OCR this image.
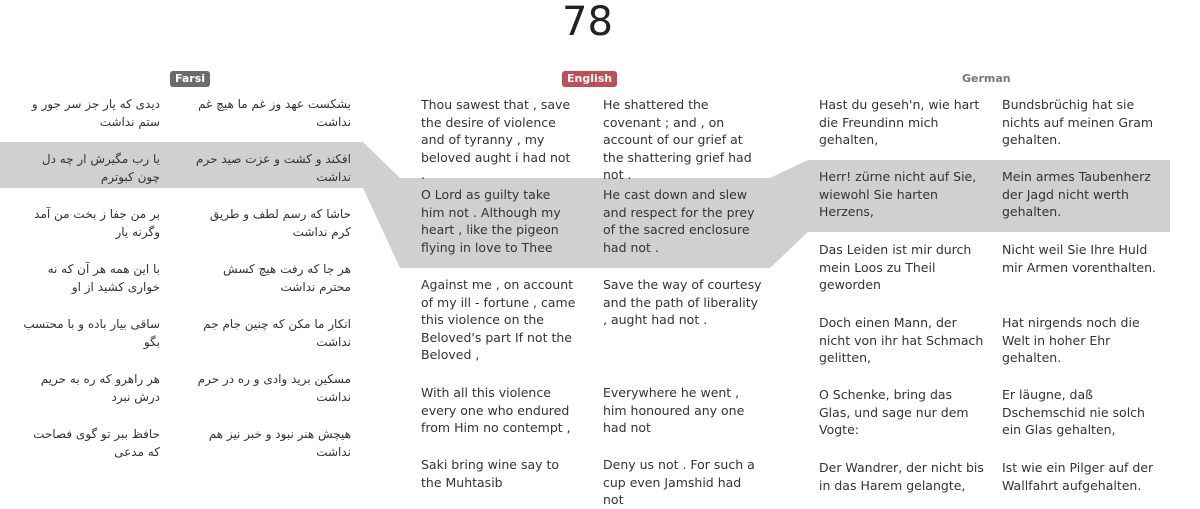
78
Farsi	English	German

بشکست عهد وز غم ما هیچ غم نداشت

دیدی که یار جز سر جور و ستم نداشت

افکند و کشت و عزت صید حرم نداشت

یا رب مگیرش ار چه دل چون کبوترم

حاشا که رسم لطف و طریق کرم نداشت

بر من جفا ز بخت من آمد وگرنه یار

هر جا که رفت هیچ کسش محترم نداشت

با این همه هر آن که نه خواری کشید از او

انکار ما مکن که چنین جام جم نداشت

ساقی بیار باده و با محتسب بگو

مسکین برید وادی و ره در حرم نداشت

هر راهرو که ره به حریم درش نبرد

هیچش هنر نبود و خبر نیز هم نداشت

حافظ ببر تو گوی فصاحت که مدعی

Thou sawest that , save the desire of violence and of tyranny , my beloved aught i had not .

He shattered the covenant ; and , on account of our grief at the shattering grief had not .

O Lord as guilty take him not . Although my heart , like the pigeon flying in love to Thee

He cast down and slew and respect for the prey of the sacred enclosure had not .

Against me , on account of my ill - fortune , came this violence on the Beloved's part If not the Beloved ,

Save the way of courtesy and the path of liberality , aught had not .

With all this violence every one who endured from Him no contempt ,

Everywhere he went , him honoured any one had not

Saki bring wine say to the Muhtasib

Deny us not . For such a cup even Jamshid had not

Hast du geseh'n, wie hart die Freundinn mich gehalten,

Bundsbrüchig hat sie nichts auf meinen Gram gehalten.

Herr! zürne nicht auf Sie, wiewohl Sie harten Herzens,

Mein armes Taubenherz der Jagd nicht werth gehalten.

Das Leiden ist mir durch mein Loos zu Theil geworden

Nicht weil Sie Ihre Huld mir Armen vorenthalten.

Doch einen Mann, der nicht von ihr hat Schmach gelitten,

Hat nirgends noch die Welt in hoher Ehr gehalten.

O Schenke, bring das Glas, und sage nur dem Vogte:

Er läugne, daß Dschemschid nie solch ein Glas gehalten,

Der Wandrer, der nicht bis in das Harem gelangte,

Ist wie ein Pilger auf der Wallfahrt aufgehalten.
